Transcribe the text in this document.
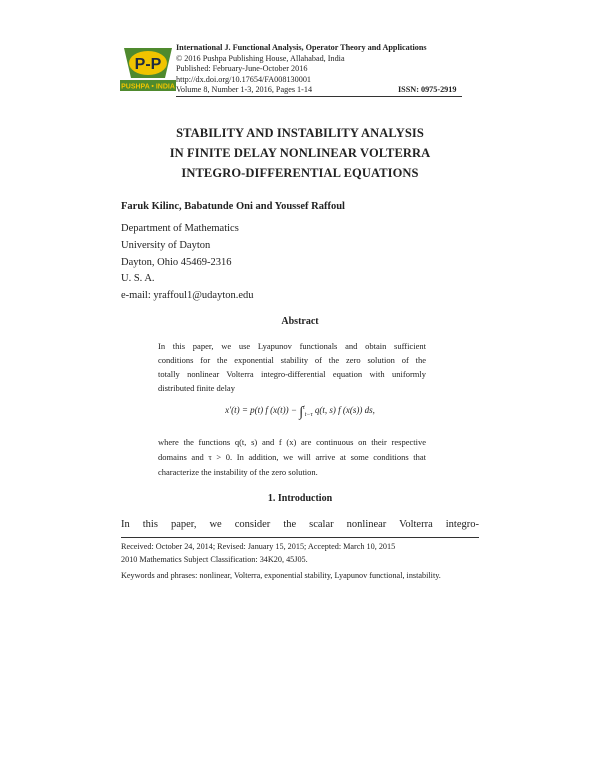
P-P
PUSHPA • INDIA
International J. Functional Analysis, Operator Theory and Applications
© 2016 Pushpa Publishing House, Allahabad, India
Published: February-June-October 2016
http://dx.doi.org/10.17654/FA008130001
Volume 8, Number 1-3, 2016, Pages 1-14	ISSN: 0975-2919
STABILITY AND INSTABILITY ANALYSIS
IN FINITE DELAY NONLINEAR VOLTERRA
INTEGRO-DIFFERENTIAL EQUATIONS
Faruk Kilinc, Babatunde Oni and Youssef Raffoul
Department of Mathematics
University of Dayton
Dayton, Ohio 45469-2316
U. S. A.
e-mail: yraffoul1@udayton.edu
Abstract
In this paper, we use Lyapunov functionals and obtain sufficient
conditions for the exponential stability of the zero solution of the
totally nonlinear Volterra integro-differential equation with uniformly
distributed finite delay
x′(t) = p(t) f (x(t)) − ∫$^t_{t-\tau}$ q(t, s) f (x(s)) ds,
where the functions q(t, s) and f (x) are continuous on their respective
domains and τ > 0. In addition, we will arrive at some conditions that
characterize the instability of the zero solution.
1. Introduction
In this paper, we consider the scalar nonlinear Volterra integro-
Received: October 24, 2014; Revised: January 15, 2015; Accepted: March 10, 2015
2010 Mathematics Subject Classification: 34K20, 45J05.
Keywords and phrases: nonlinear, Volterra, exponential stability, Lyapunov functional, instability.
